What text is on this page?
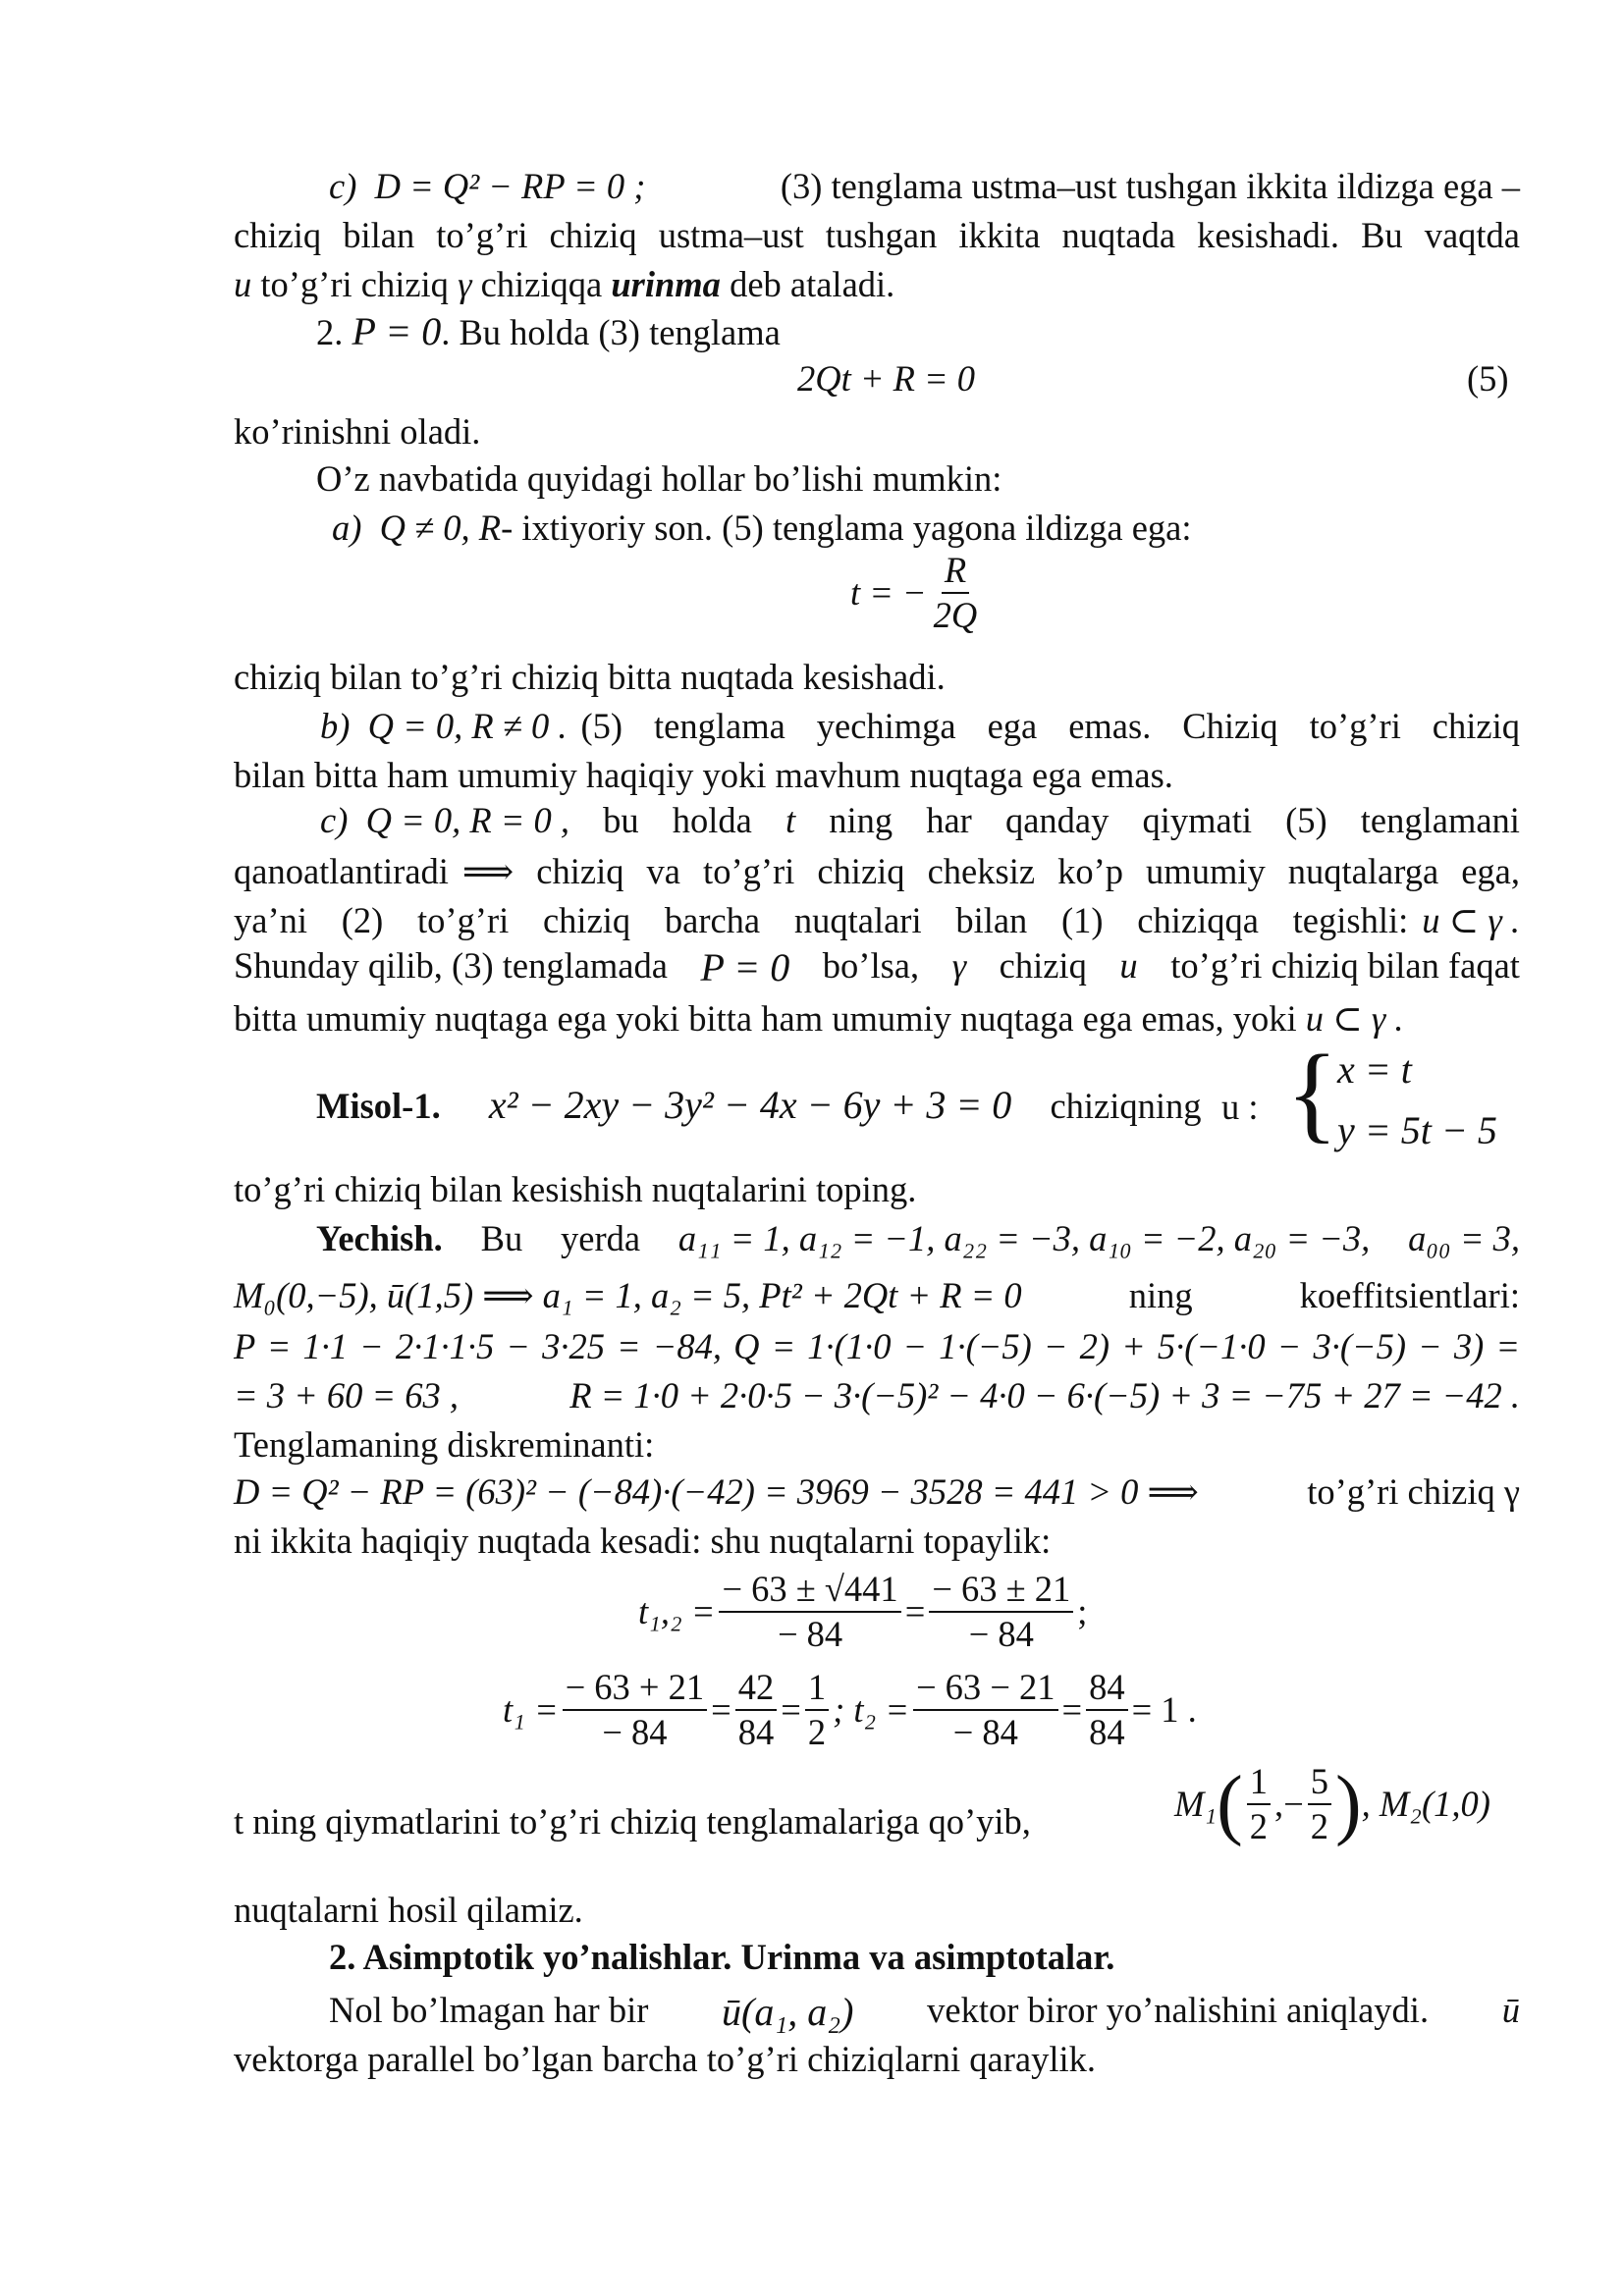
c) D = Q² − RP = 0 ;	(3) tenglama ustma–ust tushgan ikkita ildizga ega –
chiziq bilan to’g’ri chiziq ustma–ust tushgan ikkita nuqtada kesishadi. Bu vaqtda
u to’g’ri chiziq γ chiziqqa urinma deb ataladi.
2. P = 0. Bu holda (3) tenglama
2Qt + R = 0	(5)
ko’rinishni oladi.
O’z navbatida quyidagi hollar bo’lishi mumkin:
a) Q ≠ 0, R- ixtiyoriy son. (5) tenglama yagona ildizga ega:
t = − $\frac{R}{2Q}$
chiziq bilan to’g’ri chiziq bitta nuqtada kesishadi.
b) Q = 0, R ≠ 0 . (5) tenglama yechimga ega emas. Chiziq to’g’ri chiziq
bilan bitta ham umumiy haqiqiy yoki mavhum nuqtaga ega emas.
c) Q = 0, R = 0 , bu holda t ning har qanday qiymati (5) tenglamani
qanoatlantiradi ⟹ chiziq va to’g’ri chiziq cheksiz ko’p umumiy nuqtalarga ega,
ya’ni (2) to’g’ri chiziq barcha nuqtalari bilan (1) chiziqqa tegishli: u ⊂ γ .
Shunday qilib, (3) tenglamada P = 0 bo’lsa, γ chiziq u to’g’ri chiziq bilan faqat
bitta umumiy nuqtaga ega yoki bitta ham umumiy nuqtaga ega emas, yoki u ⊂ γ .
Misol-1. x² − 2xy − 3y² − 4x − 6y + 3 = 0 chiziqning u : { x = t
y = 5t − 5
to’g’ri chiziq bilan kesishish nuqtalarini toping.
Yechish. Bu yerda a₁₁ = 1, a₁₂ = −1, a₂₂ = −3, a₁₀ = −2, a₂₀ = −3, a₀₀ = 3,
M₀(0,−5), ū(1,5) ⟹ a₁ = 1, a₂ = 5, Pt² + 2Qt + R = 0	ning	koeffitsientlari:
P = 1·1 − 2·1·1·5 − 3·25 = −84, Q = 1·(1·0 − 1·(−5) − 2) + 5·(−1·0 − 3·(−5) − 3) =
= 3 + 60 = 63 ,	R = 1·0 + 2·0·5 − 3·(−5)² − 4·0 − 6·(−5) + 3 = −75 + 27 = −42 .
Tenglamaning diskreminanti:
D = Q² − RP = (63)² − (−84)·(−42) = 3969 − 3528 = 441 > 0 ⟹	to’g’ri chiziq γ
ni ikkita haqiqiy nuqtada kesadi: shu nuqtalarni topaylik:
$t_1,_2 = \frac{- 63 \pm √441}{- 84} = \frac{- 63 \pm 21}{- 84}$ ;
$t_1 = \frac{- 63 + 21}{- 84} = \frac{42}{84} = \frac{1}{2}$ ; $t_2 = \frac{- 63 - 21}{- 84} = \frac{84}{84} = 1$ .
t ning qiymatlarini to’g’ri chiziq tenglamalariga qo’yib,	M₁ ( $\frac{1}{2}$ ,− $\frac{5}{2}$ ) , M₂(1,0)
nuqtalarni hosil qilamiz.
2. Asimptotik yo’nalishlar. Urinma va asimptotalar.
Nol bo’lmagan har bir ū(a₁, a₂) vektor biror yo’nalishini aniqlaydi. ū
vektorga parallel bo’lgan barcha to’g’ri chiziqlarni qaraylik.
